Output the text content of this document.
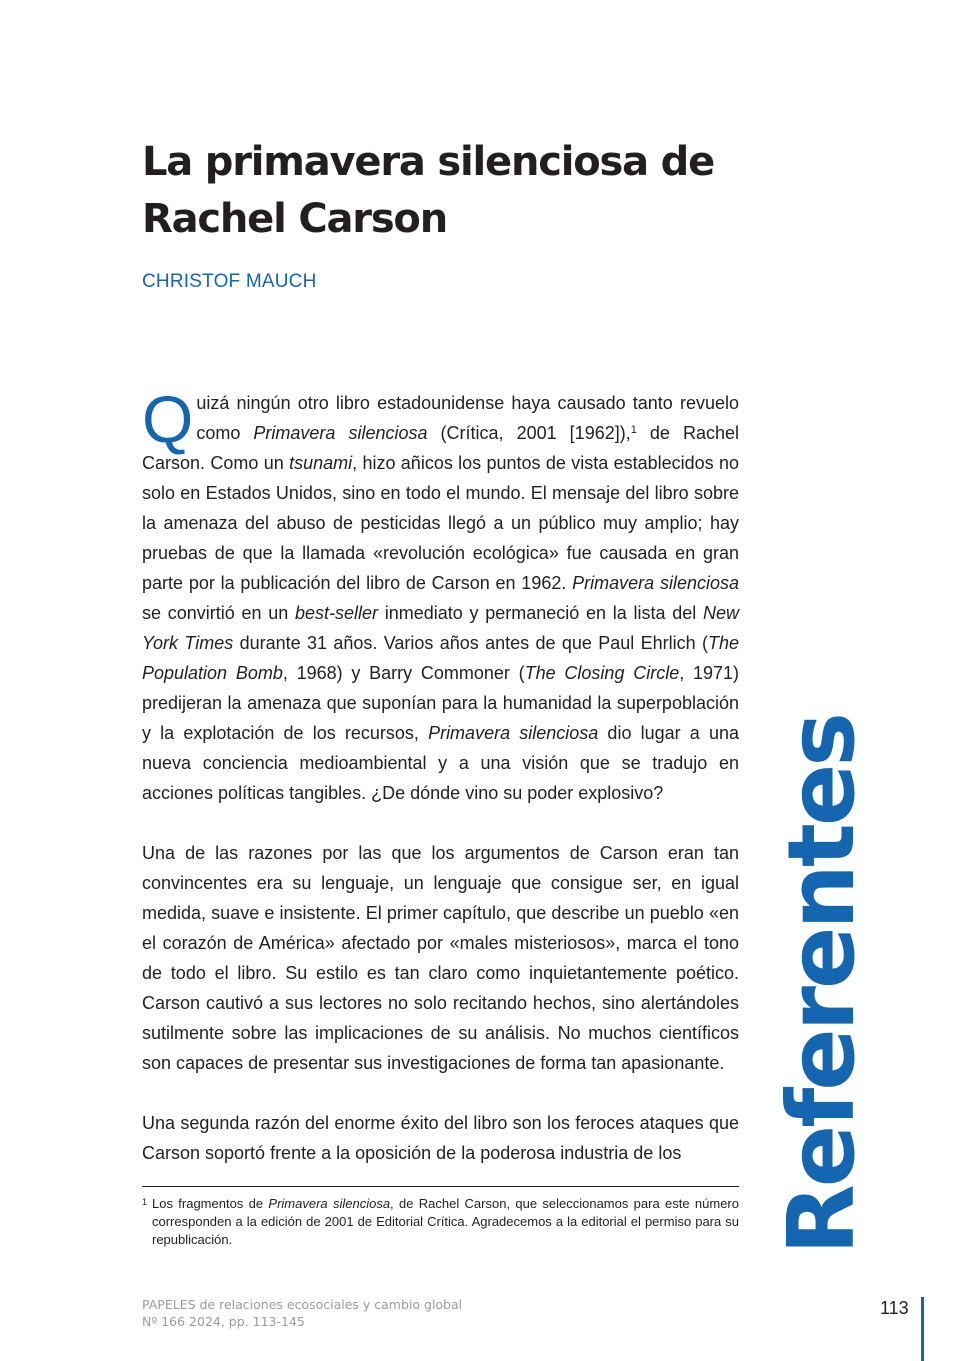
La primavera silenciosa de
Rachel Carson
CHRISTOF MAUCH

Quizá ningún otro libro estadounidense haya causado tanto revuelo como Primavera silenciosa (Crítica, 2001 [1962]),$^1$ de Rachel Carson. Como un tsunami, hizo añicos los puntos de vista establecidos no solo en Estados Unidos, sino en todo el mundo. El mensaje del libro sobre la amenaza del abuso de pesticidas llegó a un público muy amplio; hay pruebas de que la llamada «revolución ecológica» fue causada en gran parte por la publicación del libro de Carson en 1962. Primavera silenciosa se convirtió en un best-seller inmediato y permaneció en la lista del New York Times durante 31 años. Varios años antes de que Paul Ehrlich (The Population Bomb, 1968) y Barry Commoner (The Closing Circle, 1971) predijeran la amenaza que suponían para la humanidad la superpoblación y la explotación de los recursos, Primavera silenciosa dio lugar a una nueva conciencia medioambiental y a una visión que se tradujo en acciones políticas tangibles. ¿De dónde vino su poder explosivo?

Una de las razones por las que los argumentos de Carson eran tan convincentes era su lenguaje, un lenguaje que consigue ser, en igual medida, suave e insistente. El primer capítulo, que describe un pueblo «en el corazón de América» afectado por «males misteriosos», marca el tono de todo el libro. Su estilo es tan claro como inquietantemente poético. Carson cautivó a sus lectores no solo recitando hechos, sino alertándoles sutilmente sobre las implicaciones de su análisis. No muchos científicos son capaces de presentar sus investigaciones de forma tan apasionante.

Una segunda razón del enorme éxito del libro son los feroces ataques que Carson soportó frente a la oposición de la poderosa industria de los

1 Los fragmentos de Primavera silenciosa, de Rachel Carson, que seleccionamos para este número corresponden a la edición de 2001 de Editorial Crítica. Agradecemos a la editorial el permiso para su republicación.	Referentes
PAPELES de relaciones ecosociales y cambio global
Nº 166 2024, pp. 113-145
113
